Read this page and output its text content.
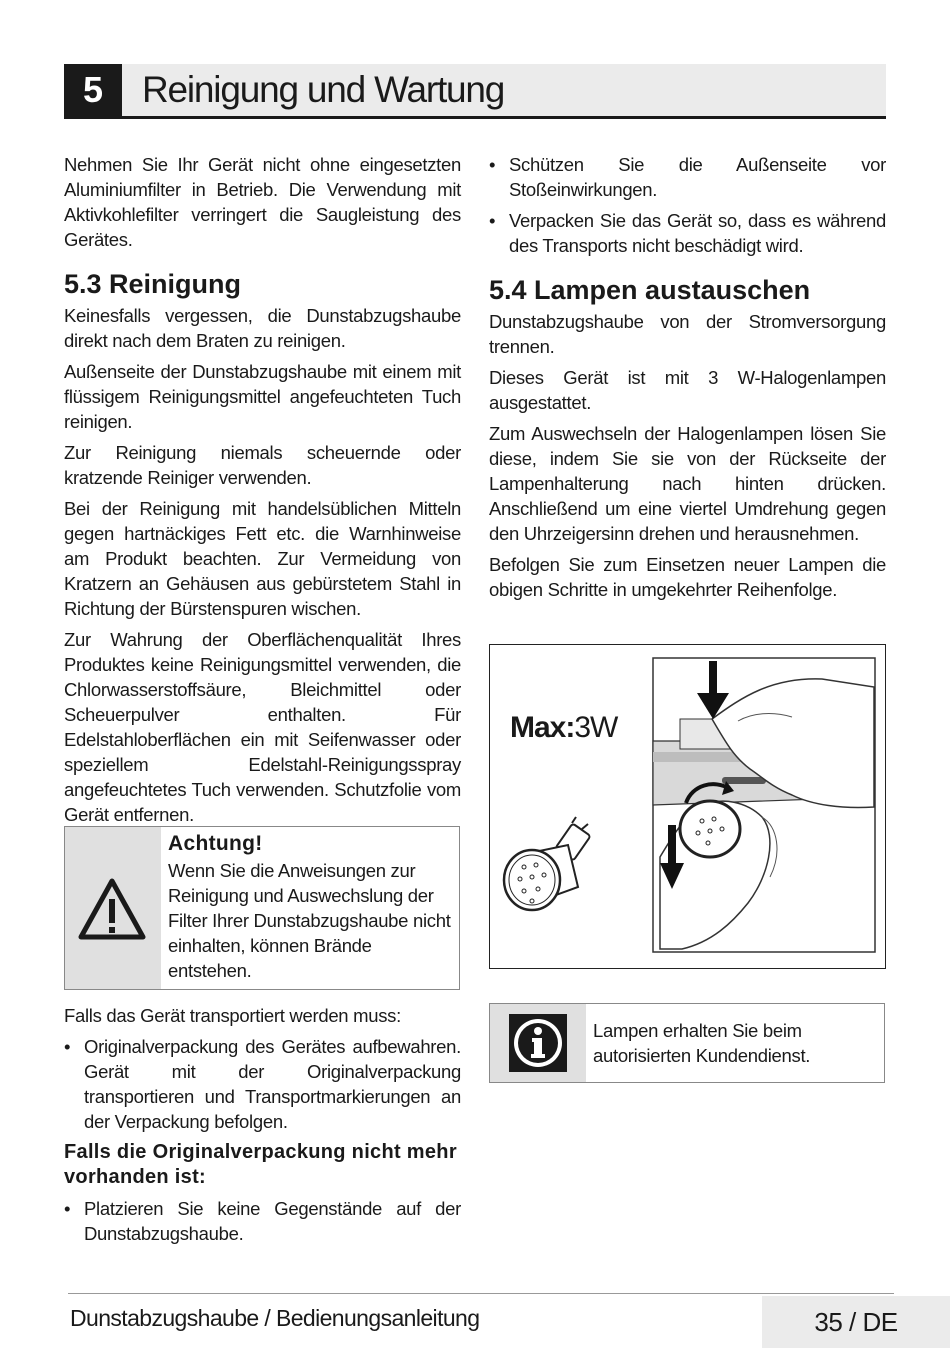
5	Reinigung und Wartung

Nehmen Sie Ihr Gerät nicht ohne eingesetzten Aluminiumfilter in Betrieb. Die Verwendung mit Aktivkohlefilter verringert die Saugleistung des Gerätes.

5.3 Reinigung

Keinesfalls vergessen, die Dunstabzugshaube direkt nach dem Braten zu reinigen.

Außenseite der Dunstabzugshaube mit einem mit flüssigem Reinigungsmittel angefeuchteten Tuch reinigen.

Zur Reinigung niemals scheuernde oder kratzende Reiniger verwenden.

Bei der Reinigung mit handelsüblichen Mitteln gegen hartnäckiges Fett etc. die Warnhinweise am Produkt beachten. Zur Vermeidung von Kratzern an Gehäusen aus gebürstetem Stahl in Richtung der Bürstenspuren wischen.

Zur Wahrung der Oberflächenqualität Ihres Produktes keine Reinigungsmittel verwenden, die Chlorwasserstoffsäure, Bleichmittel oder Scheuerpulver enthalten. Für Edelstahloberflächen ein mit Seifenwasser oder speziellem Edelstahl-Reinigungsspray angefeuchtetes Tuch verwenden. Schutzfolie vom Gerät entfernen.

Achtung!
Wenn Sie die Anweisungen zur Reinigung und Auswechslung der Filter Ihrer Dunstabzugshaube nicht einhalten, können Brände entstehen.

Falls das Gerät transportiert werden muss:

• Originalverpackung des Gerätes aufbewahren. Gerät mit der Originalverpackung transportieren und Transportmarkierungen an der Verpackung befolgen.
Falls die Originalverpackung nicht mehr vorhanden ist:
• Platzieren Sie keine Gegenstände auf der Dunstabzugshaube.
• Schützen Sie die Außenseite vor Stoßeinwirkungen.
• Verpacken Sie das Gerät so, dass es während des Transports nicht beschädigt wird.
5.4 Lampen austauschen

Dunstabzugshaube von der Stromversorgung trennen.

Dieses Gerät ist mit 3 W-Halogenlampen ausgestattet.

Zum Auswechseln der Halogenlampen lösen Sie diese, indem Sie sie von der Rückseite der Lampenhalterung nach hinten drücken. Anschließend um eine viertel Umdrehung gegen den Uhrzeigersinn drehen und herausnehmen.

Befolgen Sie zum Einsetzen neuer Lampen die obigen Schritte in umgekehrter Reihenfolge.

Max:3W
Lampen erhalten Sie beim autorisierten Kundendienst.
Dunstabzugshaube / Bedienungsanleitung	35 / DE
